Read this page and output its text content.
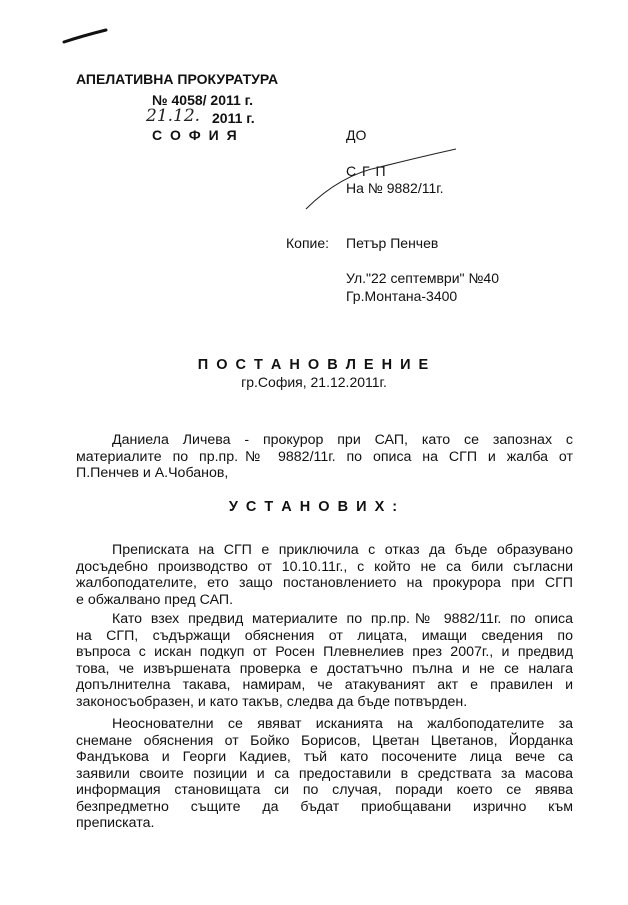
АПЕЛАТИВНА ПРОКУРАТУРА
№ 4058/ 2011 г.
21.12. 2011 г.
С О Ф И Я	ДО
С Г П
На № 9882/11г.
Копие: Петър Пенчев
Ул."22 септември" №40
Гр.Монтана-3400
П О С Т А Н О В Л Е Н И Е
гр.София, 21.12.2011г.
Даниела Личева - прокурор при САП, като се запознах с
материалите по пр.пр.№ 9882/11г. по описа на СГП и жалба от
П.Пенчев и А.Чобанов,
У С Т А Н О В И Х :
Преписката на СГП е приключила с отказ да бъде образувано
досъдебно производство от 10.10.11г., с който не са били съгласни
жалбоподателите, ето защо постановлението на прокурора при СГП
е обжалвано пред САП.
Като взех предвид материалите по пр.пр.№ 9882/11г. по описа
на СГП, съдържащи обяснения от лицата, имащи сведения по
въпроса с искан подкуп от Росен Плевнелиев през 2007г., и предвид
това, че извършената проверка е достатъчно пълна и не се налага
допълнителна такава, намирам, че атакуваният акт е правилен и
законосъобразен, и като такъв, следва да бъде потвърден.
Неоснователни се явяват исканията на жалбоподателите за
снемане обяснения от Бойко Борисов, Цветан Цветанов, Йорданка
Фандъкова и Георги Кадиев, тъй като посочените лица вече са
заявили своите позиции и са предоставили в средствата за масова
информация становищата си по случая, поради което се явява
безпредметно същите да бъдат приобщавани изрично към
преписката.
